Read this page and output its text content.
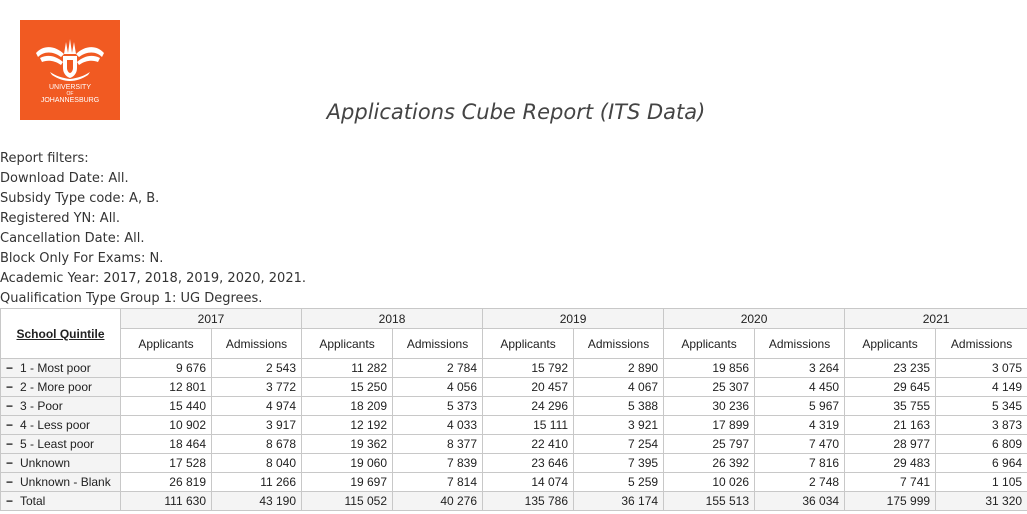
UNIVERSITY
OF
JOHANNESBURG	Applications Cube Report (ITS Data)
Report filters:
Download Date: All.
Subsidy Type code: A, B.
Registered YN: All.
Cancellation Date: All.
Block Only For Exams: N.
Academic Year: 2017, 2018, 2019, 2020, 2021.
Qualification Type Group 1: UG Degrees.
School Quintile	2017		2018		2019		2020		2021	
	Applicants	Admissions	Applicants	Admissions	Applicants	Admissions	Applicants	Admissions	Applicants	Admissions
− 1 - Most poor	9 676	2 543	11 282	2 784	15 792	2 890	19 856	3 264	23 235	3 075
− 2 - More poor	12 801	3 772	15 250	4 056	20 457	4 067	25 307	4 450	29 645	4 149
− 3 - Poor	15 440	4 974	18 209	5 373	24 296	5 388	30 236	5 967	35 755	5 345
− 4 - Less poor	10 902	3 917	12 192	4 033	15 111	3 921	17 899	4 319	21 163	3 873
− 5 - Least poor	18 464	8 678	19 362	8 377	22 410	7 254	25 797	7 470	28 977	6 809
− Unknown	17 528	8 040	19 060	7 839	23 646	7 395	26 392	7 816	29 483	6 964
− Unknown - Blank	26 819	11 266	19 697	7 814	14 074	5 259	10 026	2 748	7 741	1 105
− Total	111 630	43 190	115 052	40 276	135 786	36 174	155 513	36 034	175 999	31 320
